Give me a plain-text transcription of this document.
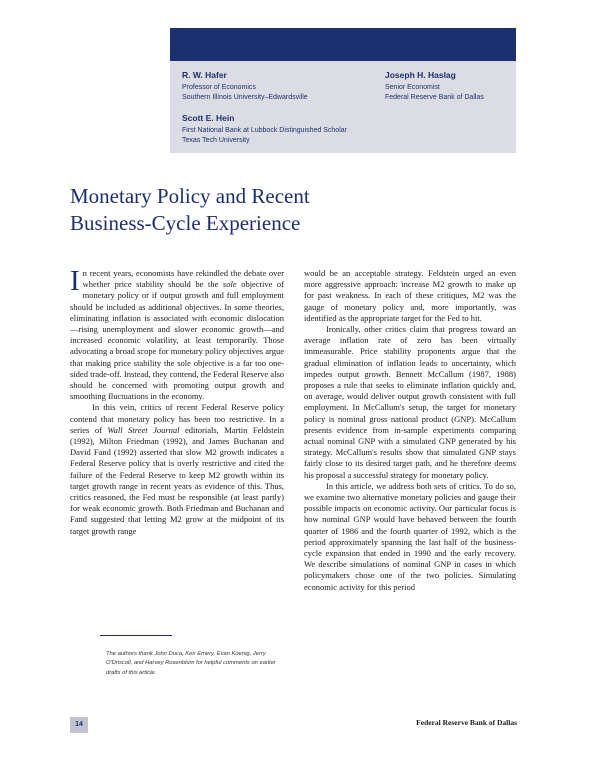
R. W. Hafer
Professor of Economics
Southern Illinois University–Edwardsville
Joseph H. Haslag
Senior Economist
Federal Reserve Bank of Dallas
Scott E. Hein
First National Bank at Lubbock Distinguished Scholar
Texas Tech University
Monetary Policy and Recent Business-Cycle Experience

In recent years, economists have rekindled the debate over whether price stability should be the sole objective of monetary policy or if output growth and full employment should be included as additional objectives. In some theories, eliminating inflation is associated with economic dislocation—rising unemployment and slower economic growth—and increased economic volatility, at least temporarily. Those advocating a broad scope for monetary policy objectives argue that making price stability the sole objective is a far too one-sided trade-off. Instead, they contend, the Federal Reserve also should be concerned with promoting output growth and smoothing fluctuations in the economy.

In this vein, critics of recent Federal Reserve policy contend that monetary policy has been too restrictive. In a series of Wall Street Journal editorials, Martin Feldstein (1992), Milton Friedman (1992), and James Buchanan and David Fand (1992) asserted that slow M2 growth indicates a Federal Reserve policy that is overly restrictive and cited the failure of the Federal Reserve to keep M2 growth within its target growth range in recent years as evidence of this. Thus, critics reasoned, the Fed must be responsible (at least partly) for weak economic growth. Both Friedman and Buchanan and Fand suggested that letting M2 grow at the midpoint of its target growth range

would be an acceptable strategy. Feldstein urged an even more aggressive approach: increase M2 growth to make up for past weakness. In each of these critiques, M2 was the gauge of monetary policy and, more importantly, was identified as the appropriate target for the Fed to hit.

Ironically, other critics claim that progress toward an average inflation rate of zero has been virtually immeasurable. Price stability proponents argue that the gradual elimination of inflation leads to uncertainty, which impedes output growth. Bennett McCallum (1987, 1988) proposes a rule that seeks to eliminate inflation quickly and, on average, would deliver output growth consistent with full employment. In McCallum's setup, the target for monetary policy is nominal gross national product (GNP). McCallum presents evidence from in-sample experiments comparing actual nominal GNP with a simulated GNP generated by his strategy. McCallum's results show that simulated GNP stays fairly close to its desired target path, and he therefore deems his proposal a successful strategy for monetary policy.

In this article, we address both sets of critics. To do so, we examine two alternative monetary policies and gauge their possible impacts on economic activity. Our particular focus is how nominal GNP would have behaved between the fourth quarter of 1986 and the fourth quarter of 1992, which is the period approximately spanning the last half of the business-cycle expansion that ended in 1990 and the early recovery. We describe simulations of nominal GNP in cases in which policymakers chose one of the two policies. Simulating economic activity for this period

The authors thank John Duca, Ken Emery, Evan Koenig, Jerry O'Driscoll, and Harvey Rosenblum for helpful comments on earlier drafts of this article.

14	Federal Reserve Bank of Dallas
